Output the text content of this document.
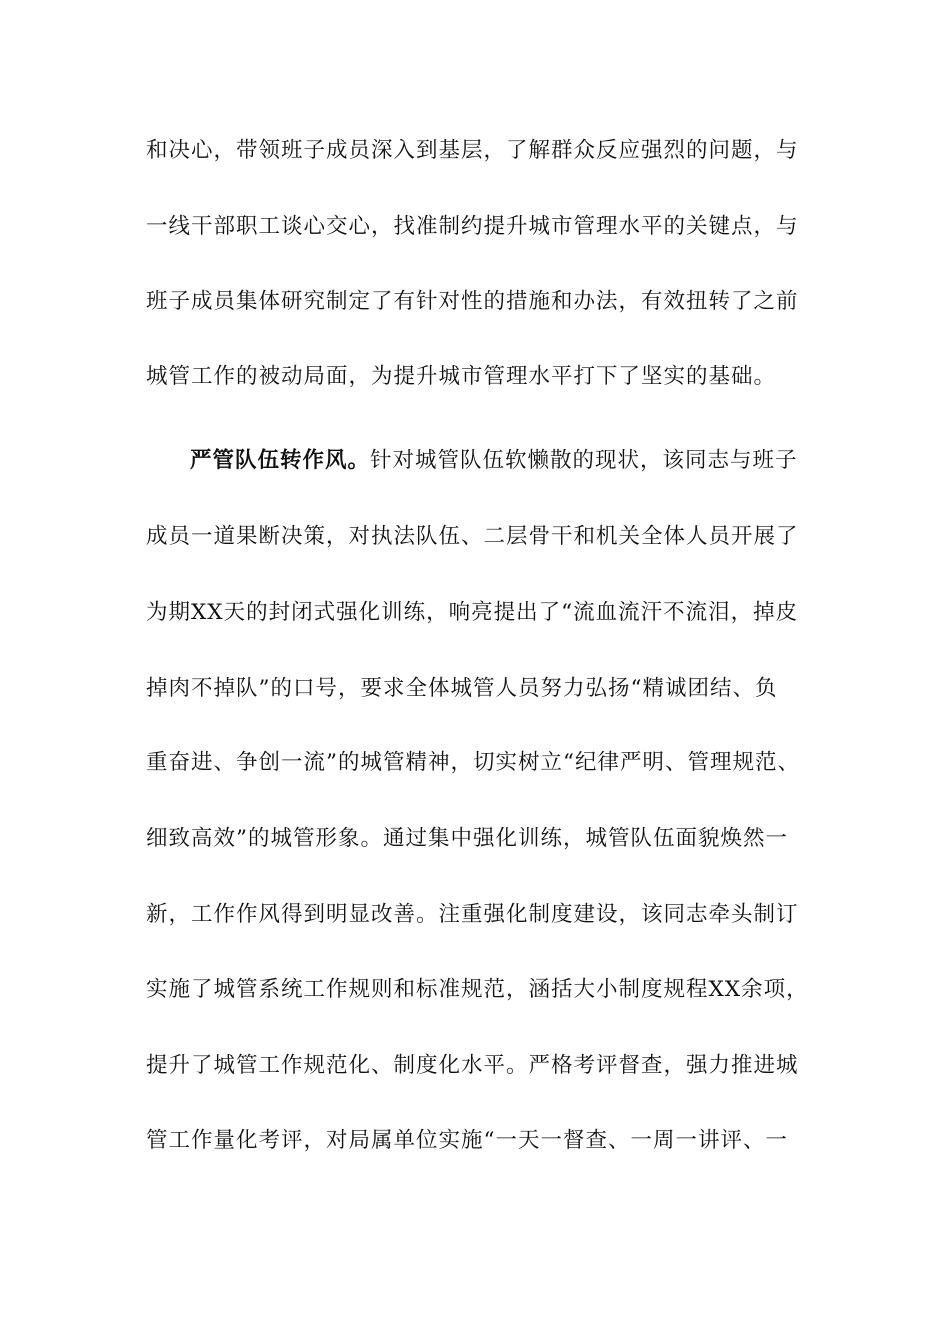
和决心，带领班子成员深入到基层，了解群众反应强烈的问题，与
一线干部职工谈心交心，找准制约提升城市管理水平的关键点，与
班子成员集体研究制定了有针对性的措施和办法，有效扭转了之前
城管工作的被动局面，为提升城市管理水平打下了坚实的基础。
严管队伍转作风。针对城管队伍软懒散的现状，该同志与班子
成员一道果断决策，对执法队伍、二层骨干和机关全体人员开展了
为期XX天的封闭式强化训练，响亮提出了“流血流汗不流泪，掉皮
掉肉不掉队”的口号，要求全体城管人员努力弘扬“精诚团结、负
重奋进、争创一流”的城管精神，切实树立“纪律严明、管理规范、
细致高效”的城管形象。通过集中强化训练，城管队伍面貌焕然一
新，工作作风得到明显改善。注重强化制度建设，该同志牵头制订
实施了城管系统工作规则和标准规范，涵括大小制度规程XX余项，
提升了城管工作规范化、制度化水平。严格考评督查，强力推进城
管工作量化考评，对局属单位实施“一天一督查、一周一讲评、一
